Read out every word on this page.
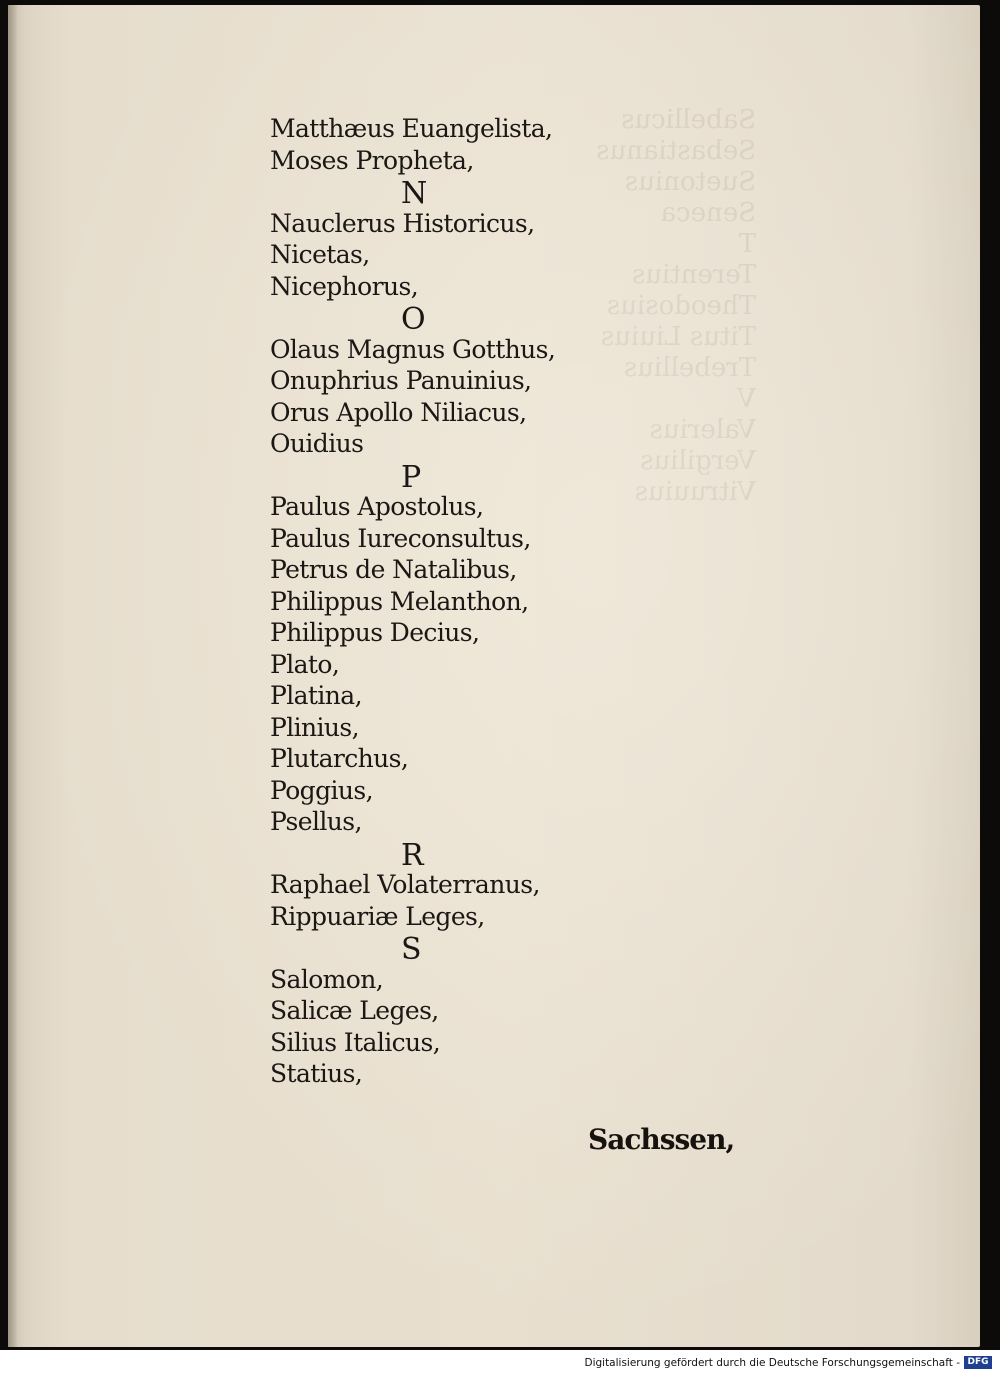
Sabellicus
Sebastianus
Suetonius
Seneca
T
Terentius
Theodosius
Titus Liuius
Trebellius
V
Valerius
Vergilius
Vitruuius
Matthæus Euangelista,
Moses Propheta,
N
Nauclerus Historicus,
Nicetas,
Nicephorus,
O
Olaus Magnus Gotthus,
Onuphrius Panuinius,
Orus Apollo Niliacus,
Ouidius
P
Paulus Apostolus,
Paulus Iureconsultus,
Petrus de Natalibus,
Philippus Melanthon,
Philippus Decius,
Plato,
Platina,
Plinius,
Plutarchus,
Poggius,
Psellus,
R
Raphael Volaterranus,
Rippuariæ Leges,
S
Salomon,
Salicæ Leges,
Silius Italicus,
Statius,
Sachssen,
Digitalisierung gefördert durch die Deutsche Forschungsgemeinschaft - DFG
